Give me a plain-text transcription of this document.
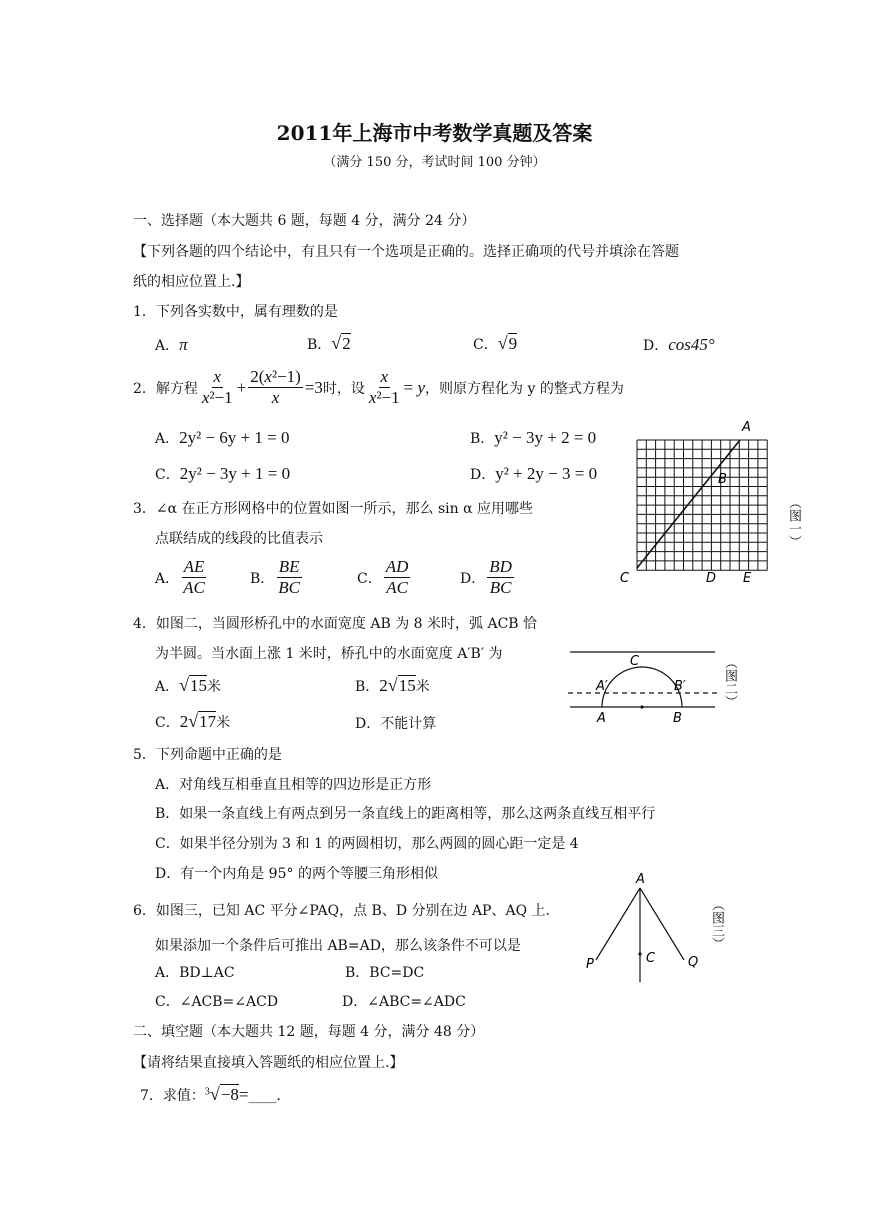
2011年上海市中考数学真题及答案
（满分 150 分，考试时间 100 分钟）
一、选择题（本大题共 6 题，每题 4 分，满分 24 分）
【下列各题的四个结论中，有且只有一个选项是正确的。选择正确项的代号并填涂在答题
纸的相应位置上.】
1．下列各实数中，属有理数的是
A．π	B．√2	C．√9	D．cos45°
2．解方程 $\frac{x}{\text{x²−1}} + \frac{\text{2(x²−1)}}{x} =3$ 时，设 $\frac{x}{\text{x²−1}} = y$ ，则原方程化为 y 的整式方程为
A．2y² − 6y + 1 = 0	B．y² − 3y + 2 = 0
C．2y² − 3y + 1 = 0	D．y² + 2y − 3 = 0
3．∠α 在正方形网格中的位置如图一所示，那么 sin α 应用哪些
点联结成的线段的比值表示
A． $\frac{AE}{AC}$	B． $\frac{BE}{BC}$	C． $\frac{AD}{AC}$	D． $\frac{BD}{BC}$
A
B
C	D E
（图一）
4．如图二，当圆形桥孔中的水面宽度 AB 为 8 米时，弧 ACB 恰
为半圆。当水面上涨 1 米时，桥孔中的水面宽度 A′B′ 为
A．√15米	B．2√15米
C．2√17米	D．不能计算
C
A′	B′
A	B
（图二）
5．下列命题中正确的是
A．对角线互相垂直且相等的四边形是正方形
B．如果一条直线上有两点到另一条直线上的距离相等，那么这两条直线互相平行
C．如果半径分别为 3 和 1 的两圆相切，那么两圆的圆心距一定是 4
D．有一个内角是 95° 的两个等腰三角形相似
6．如图三，已知 AC 平分∠PAQ，点 B、D 分别在边 AP、AQ 上.
如果添加一个条件后可推出 AB=AD，那么该条件不可以是
A．BD⊥AC	B．BC=DC
C．∠ACB=∠ACD	D．∠ABC=∠ADC
A
C
P	Q
（图三）
二、填空题（本大题共 12 题，每题 4 分，满分 48 分）
【请将结果直接填入答题纸的相应位置上.】
7．求值：$^3$√−8=____.
